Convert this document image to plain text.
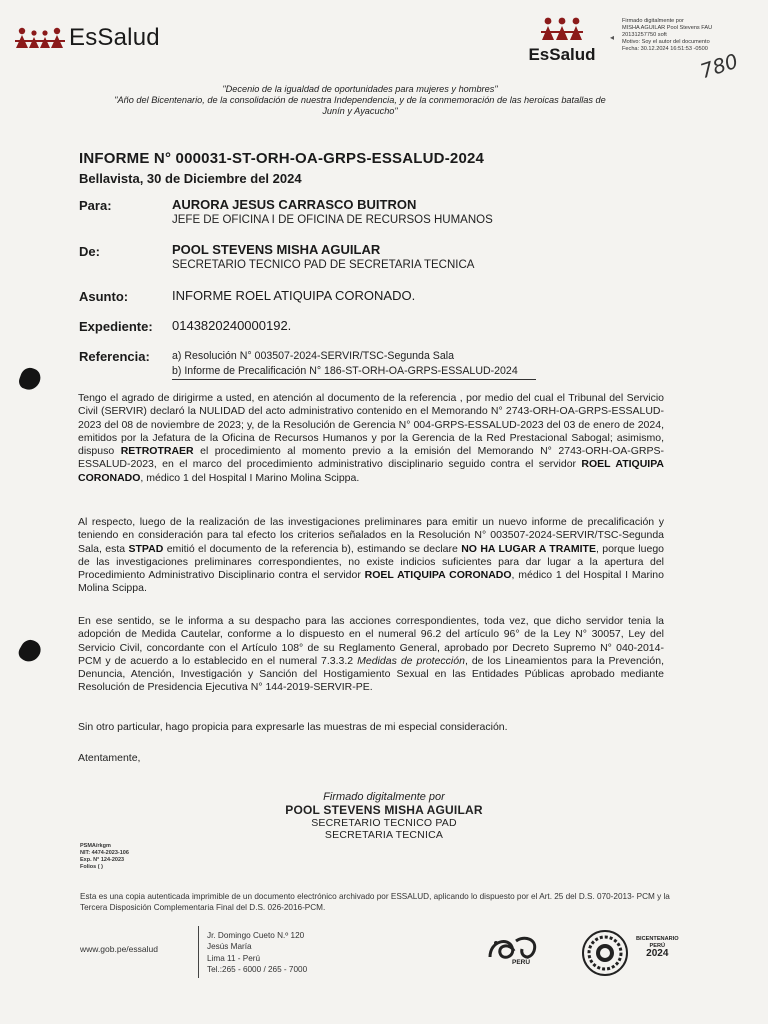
EsSalud
EsSalud
◂
Firmado digitalmente por
MISHA AGUILAR Pool Stevens FAU
20131257750 soft
Motivo: Soy el autor del documento
Fecha: 30.12.2024 16:51:53 -0500
780
"Decenio de la igualdad de oportunidades para mujeres y hombres"
"Año del Bicentenario, de la consolidación de nuestra Independencia, y de la conmemoración de las heroicas batallas de
Junín y Ayacucho"
INFORME N° 000031-ST-ORH-OA-GRPS-ESSALUD-2024
Bellavista, 30 de Diciembre del 2024
Para:	AURORA JESUS CARRASCO BUITRON
JEFE DE OFICINA I DE OFICINA DE RECURSOS HUMANOS
De:	POOL STEVENS MISHA AGUILAR
SECRETARIO TECNICO PAD DE SECRETARIA TECNICA
Asunto:	INFORME ROEL ATIQUIPA CORONADO.
Expediente: 0143820240000192.
Referencia: a) Resolución N° 003507-2024-SERVIR/TSC-Segunda Sala
b) Informe de Precalificación N° 186-ST-ORH-OA-GRPS-ESSALUD-2024
Tengo el agrado de dirigirme a usted, en atención al documento de la referencia , por medio del cual el Tribunal del Servicio Civil (SERVIR) declaró la NULIDAD del acto administrativo contenido en el Memorando N° 2743-ORH-OA-GRPS-ESSALUD-2023 del 08 de noviembre de 2023; y, de la Resolución de Gerencia N° 004-GRPS-ESSALUD-2023 del 03 de enero de 2024, emitidos por la Jefatura de la Oficina de Recursos Humanos y por la Gerencia de la Red Prestacional Sabogal; asimismo, dispuso RETROTRAER el procedimiento al momento previo a la emisión del Memorando N° 2743-ORH-OA-GRPS-ESSALUD-2023, en el marco del procedimiento administrativo disciplinario seguido contra el servidor ROEL ATIQUIPA CORONADO, médico 1 del Hospital I Marino Molina Scippa.
Al respecto, luego de la realización de las investigaciones preliminares para emitir un nuevo informe de precalificación y teniendo en consideración para tal efecto los criterios señalados en la Resolución N° 003507-2024-SERVIR/TSC-Segunda Sala, esta STPAD emitió el documento de la referencia b), estimando se declare NO HA LUGAR A TRAMITE, porque luego de las investigaciones preliminares correspondientes, no existe indicios suficientes para dar lugar a la apertura del Procedimiento Administrativo Disciplinario contra el servidor ROEL ATIQUIPA CORONADO, médico 1 del Hospital I Marino Molina Scippa.
En ese sentido, se le informa a su despacho para las acciones correspondientes, toda vez, que dicho servidor tenia la adopción de Medida Cautelar, conforme a lo dispuesto en el numeral 96.2 del artículo 96° de la Ley N° 30057, Ley del Servicio Civil, concordante con el Artículo 108° de su Reglamento General, aprobado por Decreto Supremo N° 040-2014-PCM y de acuerdo a lo establecido en el numeral 7.3.3.2 Medidas de protección, de los Lineamientos para la Prevención, Denuncia, Atención, Investigación y Sanción del Hostigamiento Sexual en las Entidades Públicas aprobado mediante Resolución de Presidencia Ejecutiva N° 144-2019-SERVIR-PE.
Sin otro particular, hago propicia para expresarle las muestras de mi especial consideración.
Atentamente,
Firmado digitalmente por
POOL STEVENS MISHA AGUILAR
SECRETARIO TECNICO PAD
SECRETARIA TECNICA
PSMA/rkgm
NIT: 4474-2023-106
Exp. N° 124-2023
Folios ( )
Esta es una copia autenticada imprimible de un documento electrónico archivado por ESSALUD, aplicando lo dispuesto por el Art. 25 del D.S. 070-2013- PCM y la Tercera Disposición Complementaria Final del D.S. 026-2016-PCM.
www.gob.pe/essalud
Jr. Domingo Cueto N.º 120
Jesús María
Lima 11 - Perú
Tel.:265 - 6000 / 265 - 7000
PERÚ
BICENTENARIO
PERÚ
2024
